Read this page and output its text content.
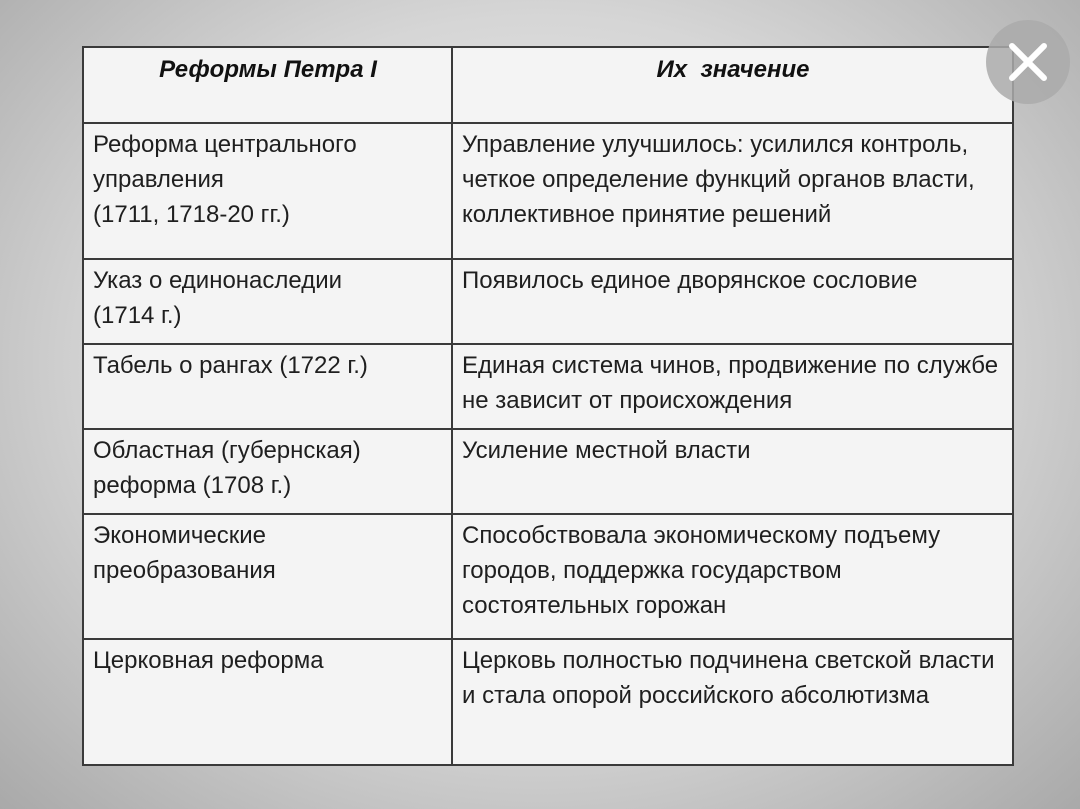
Реформы Петра I	Их  значение
Реформа центрального
управления
(1711, 1718-20 гг.)	Управление улучшилось: усилился контроль, четкое определение функций органов власти, коллективное принятие решений
Указ о единонаследии
(1714 г.)	Появилось единое дворянское сословие
Табель о рангах (1722 г.)	Единая система чинов, продвижение по службе не зависит от происхождения
Областная (губернская)
реформа (1708 г.)	Усиление местной власти
Экономические
преобразования	Способствовала экономическому подъему городов, поддержка государством состоятельных горожан
Церковная реформа	Церковь полностью подчинена светской власти и стала опорой российского абсолютизма
